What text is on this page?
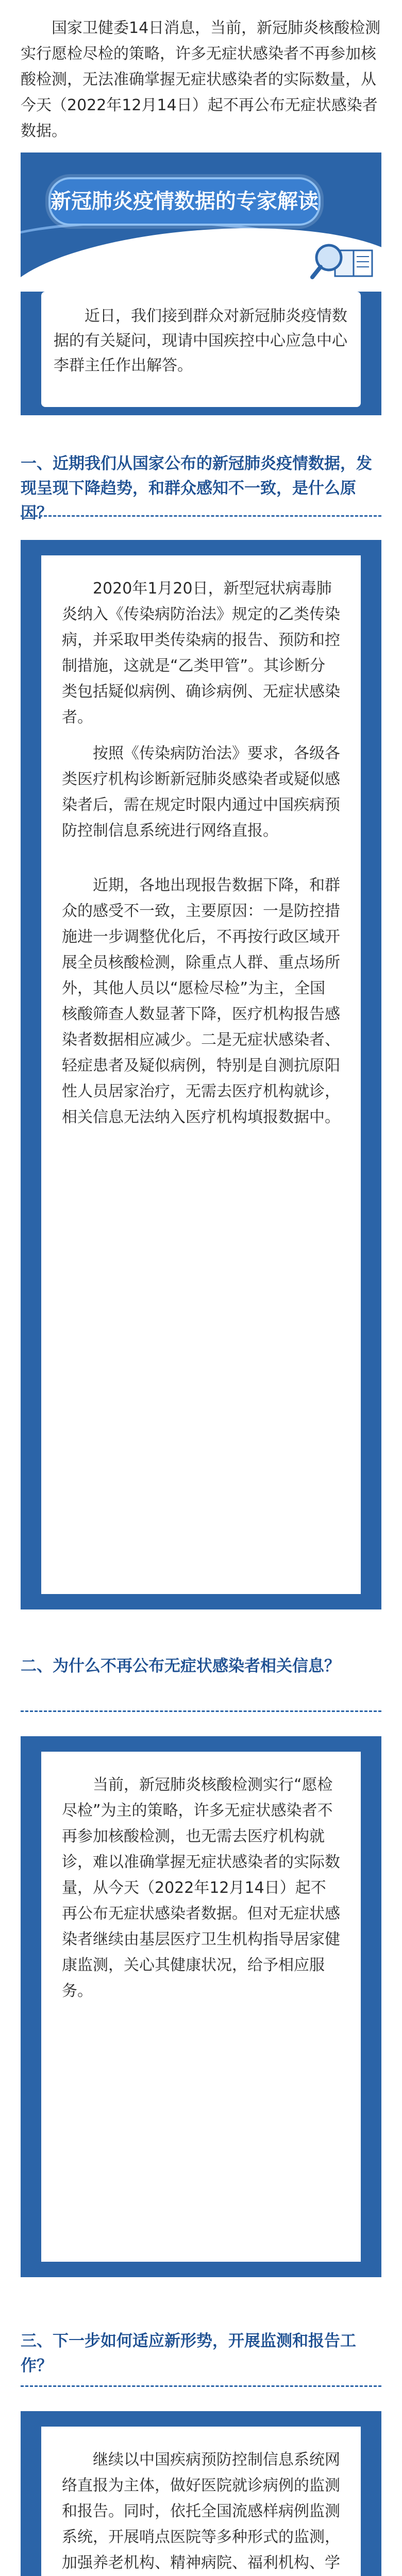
国家卫健委14日消息，当前，新冠肺炎核酸检测实行愿检尽检的策略，许多无症状感染者不再参加核酸检测，无法准确掌握无症状感染者的实际数量，从今天（2022年12月14日）起不再公布无症状感染者数据。

新冠肺炎疫情数据的专家解读

近日，我们接到群众对新冠肺炎疫情数据的有关疑问，现请中国疾控中心应急中心李群主任作出解答。

一、近期我们从国家公布的新冠肺炎疫情数据，发现呈现下降趋势，和群众感知不一致，是什么原因？

2020年1月20日，新型冠状病毒肺炎纳入《传染病防治法》规定的乙类传染病，并采取甲类传染病的报告、预防和控制措施，这就是“乙类甲管”。其诊断分类包括疑似病例、确诊病例、无症状感染者。

按照《传染病防治法》要求，各级各类医疗机构诊断新冠肺炎感染者或疑似感染者后，需在规定时限内通过中国疾病预防控制信息系统进行网络直报。

近期，各地出现报告数据下降，和群众的感受不一致，主要原因：一是防控措施进一步调整优化后，不再按行政区域开展全员核酸检测，除重点人群、重点场所外，其他人员以“愿检尽检”为主，全国核酸筛查人数显著下降，医疗机构报告感染者数据相应减少。二是无症状感染者、轻症患者及疑似病例，特别是自测抗原阳性人员居家治疗，无需去医疗机构就诊，相关信息无法纳入医疗机构填报数据中。

二、为什么不再公布无症状感染者相关信息？

当前，新冠肺炎核酸检测实行“愿检尽检”为主的策略，许多无症状感染者不再参加核酸检测，也无需去医疗机构就诊，难以准确掌握无症状感染者的实际数量，从今天（2022年12月14日）起不再公布无症状感染者数据。但对无症状感染者继续由基层医疗卫生机构指导居家健康监测，关心其健康状况，给予相应服务。

三、下一步如何适应新形势，开展监测和报告工作？

继续以中国疾病预防控制信息系统网络直报为主体，做好医院就诊病例的监测和报告。同时，依托全国流感样病例监测系统，开展哨点医院等多种形式的监测，加强养老机构、精神病院、福利机构、学
